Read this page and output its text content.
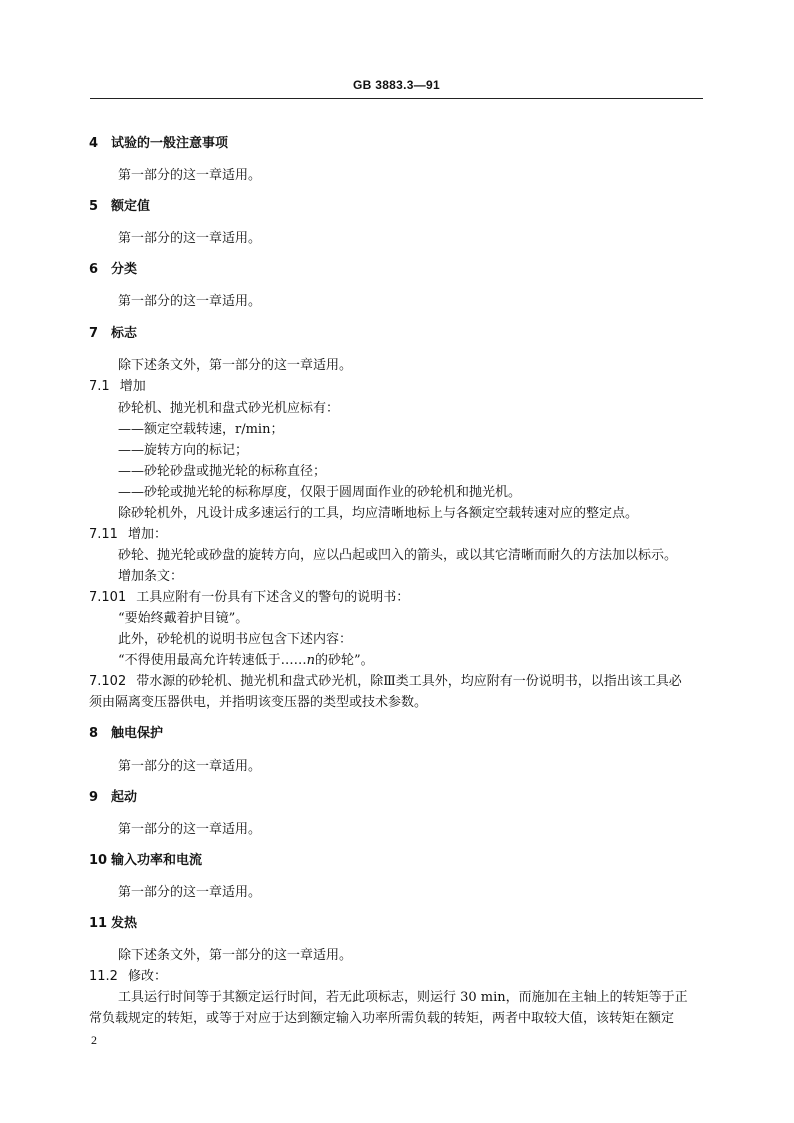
GB 3883.3—91
4 试验的一般注意事项
第一部分的这一章适用。
5 额定值
第一部分的这一章适用。
6 分类
第一部分的这一章适用。
7 标志
除下述条文外，第一部分的这一章适用。
7.1 增加
砂轮机、抛光机和盘式砂光机应标有：
——额定空载转速，r/min；
——旋转方向的标记；
——砂轮砂盘或抛光轮的标称直径；
——砂轮或抛光轮的标称厚度，仅限于圆周面作业的砂轮机和抛光机。
除砂轮机外，凡设计成多速运行的工具，均应清晰地标上与各额定空载转速对应的整定点。
7.11 增加：
砂轮、抛光轮或砂盘的旋转方向，应以凸起或凹入的箭头，或以其它清晰而耐久的方法加以标示。
增加条文：
7.101 工具应附有一份具有下述含义的警句的说明书：
“要始终戴着护目镜”。
此外，砂轮机的说明书应包含下述内容：
“不得使用最高允许转速低于……n的砂轮”。
7.102 带水源的砂轮机、抛光机和盘式砂光机，除Ⅲ类工具外，均应附有一份说明书，以指出该工具必
须由隔离变压器供电，并指明该变压器的类型或技术参数。
8 触电保护
第一部分的这一章适用。
9 起动
第一部分的这一章适用。
10 输入功率和电流
第一部分的这一章适用。
11 发热
除下述条文外，第一部分的这一章适用。
11.2 修改：
工具运行时间等于其额定运行时间，若无此项标志，则运行 30 min，而施加在主轴上的转矩等于正
常负载规定的转矩，或等于对应于达到额定输入功率所需负载的转矩，两者中取较大值，该转矩在额定
2
